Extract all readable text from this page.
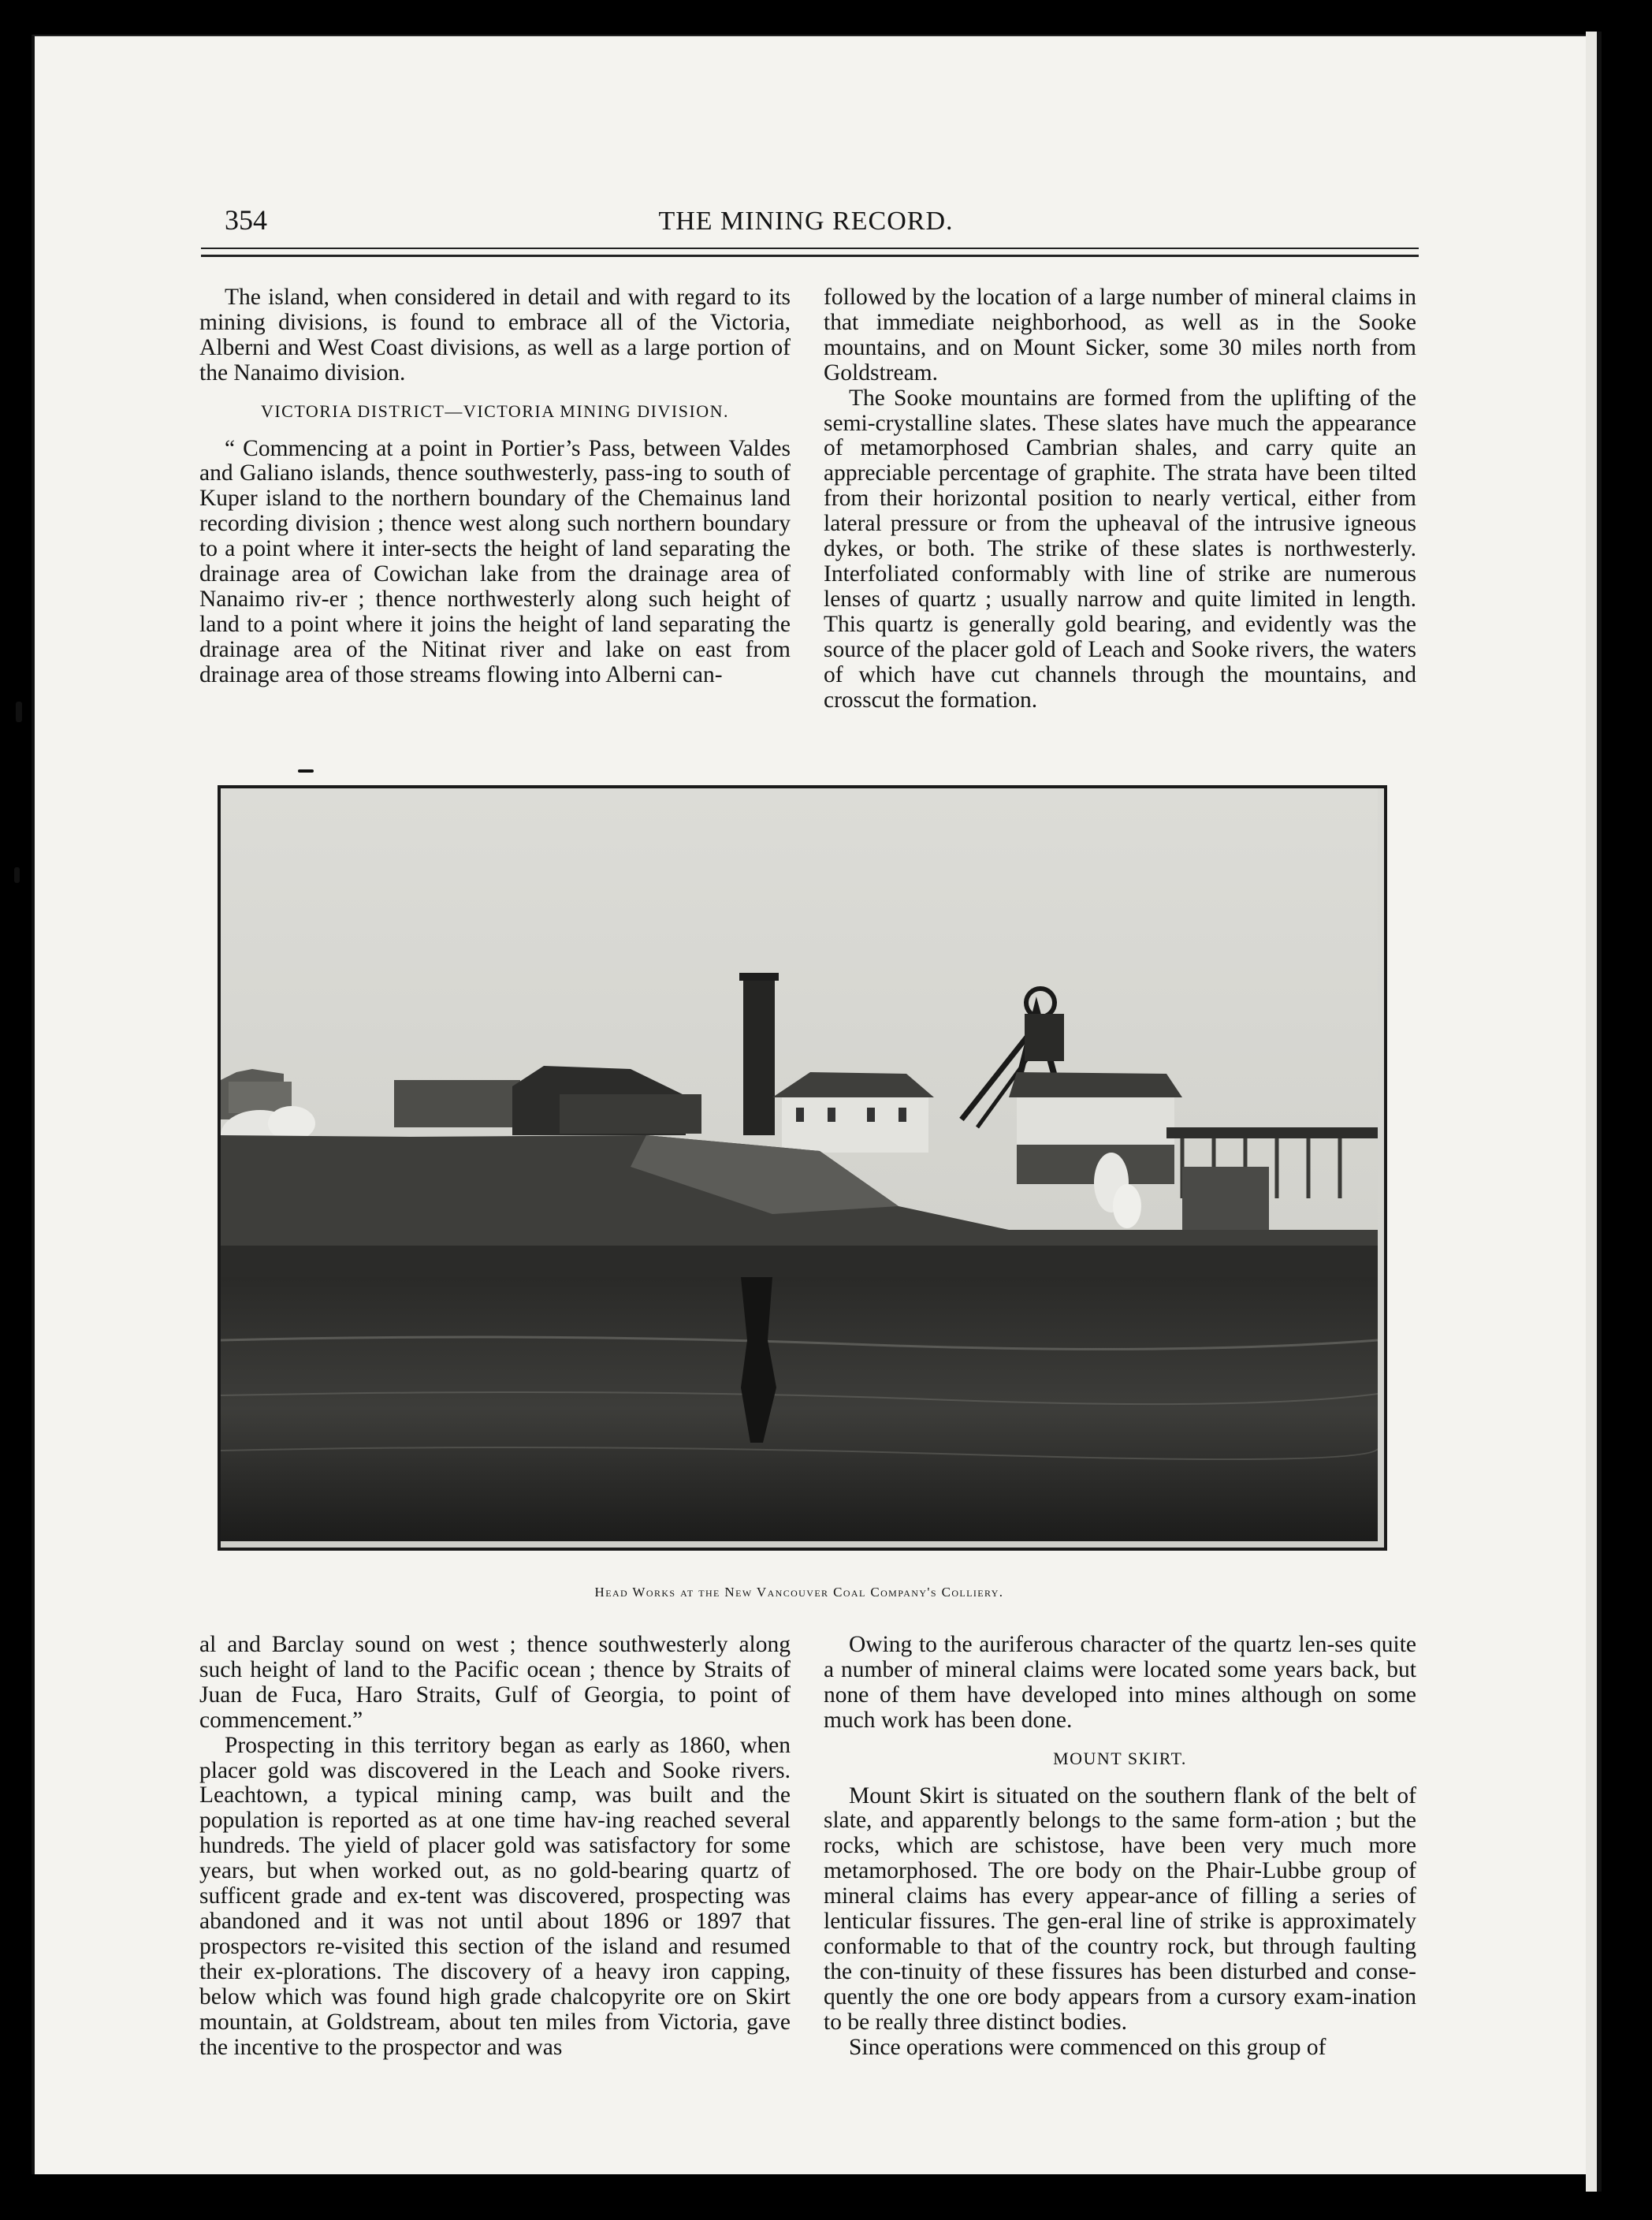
354	THE MINING RECORD.

The island, when considered in detail and with regard to its mining divisions, is found to embrace all of the Victoria, Alberni and West Coast divisions, as well as a large portion of the Nanaimo division.

VICTORIA DISTRICT—VICTORIA MINING DIVISION.

“ Commencing at a point in Portier’s Pass, between Valdes and Galiano islands, thence southwesterly, pass-ing to south of Kuper island to the northern boundary of the Chemainus land recording division ; thence west along such northern boundary to a point where it inter-sects the height of land separating the drainage area of Cowichan lake from the drainage area of Nanaimo riv-er ; thence northwesterly along such height of land to a point where it joins the height of land separating the drainage area of the Nitinat river and lake on east from drainage area of those streams flowing into Alberni can-

followed by the location of a large number of mineral claims in that immediate neighborhood, as well as in the Sooke mountains, and on Mount Sicker, some 30 miles north from Goldstream.

The Sooke mountains are formed from the uplifting of the semi-crystalline slates. These slates have much the appearance of metamorphosed Cambrian shales, and carry quite an appreciable percentage of graphite. The strata have been tilted from their horizontal position to nearly vertical, either from lateral pressure or from the upheaval of the intrusive igneous dykes, or both. The strike of these slates is northwesterly. Interfoliated conformably with line of strike are numerous lenses of quartz ; usually narrow and quite limited in length. This quartz is generally gold bearing, and evidently was the source of the placer gold of Leach and Sooke rivers, the waters of which have cut channels through the mountains, and crosscut the formation.

Head Works at the New Vancouver Coal Company's Colliery.

al and Barclay sound on west ; thence southwesterly along such height of land to the Pacific ocean ; thence by Straits of Juan de Fuca, Haro Straits, Gulf of Georgia, to point of commencement.”

Prospecting in this territory began as early as 1860, when placer gold was discovered in the Leach and Sooke rivers. Leachtown, a typical mining camp, was built and the population is reported as at one time hav-ing reached several hundreds. The yield of placer gold was satisfactory for some years, but when worked out, as no gold-bearing quartz of sufficent grade and ex-tent was discovered, prospecting was abandoned and it was not until about 1896 or 1897 that prospectors re-visited this section of the island and resumed their ex-plorations. The discovery of a heavy iron capping, below which was found high grade chalcopyrite ore on Skirt mountain, at Goldstream, about ten miles from Victoria, gave the incentive to the prospector and was

Owing to the auriferous character of the quartz len-ses quite a number of mineral claims were located some years back, but none of them have developed into mines although on some much work has been done.

MOUNT SKIRT.

Mount Skirt is situated on the southern flank of the belt of slate, and apparently belongs to the same form-ation ; but the rocks, which are schistose, have been very much more metamorphosed. The ore body on the Phair-Lubbe group of mineral claims has every appear-ance of filling a series of lenticular fissures. The gen-eral line of strike is approximately conformable to that of the country rock, but through faulting the con-tinuity of these fissures has been disturbed and conse-quently the one ore body appears from a cursory exam-ination to be really three distinct bodies.

Since operations were commenced on this group of
